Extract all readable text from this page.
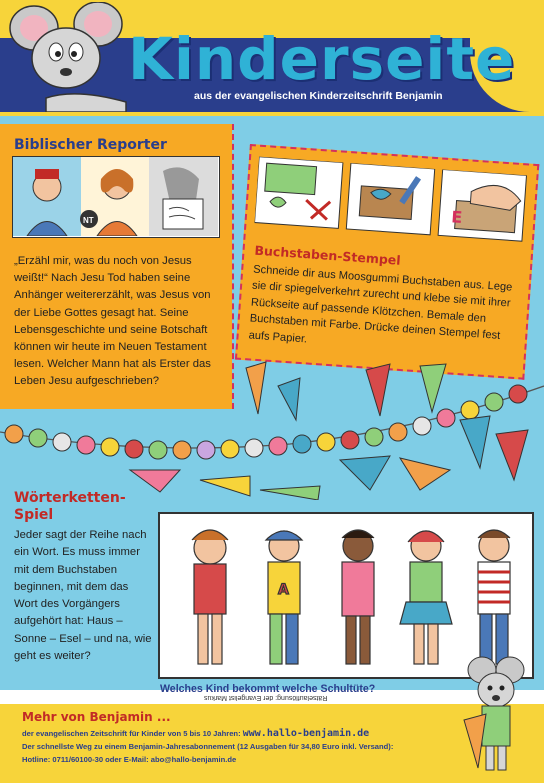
Kinderseite
aus der evangelischen Kinderzeitschrift Benjamin
Biblischer Reporter
NT
„Erzähl mir, was du noch von Jesus weißt!“ Nach Jesu Tod haben seine Anhänger weitererzählt, was Jesus von der Liebe Gottes gesagt hat. Seine Lebensgeschichte und seine Botschaft können wir heute im Neuen Testament lesen. Welcher Mann hat als Erster das Leben Jesu aufgeschrieben?
E
Buchstaben-Stempel
Schneide dir aus Moosgummi Buchstaben aus. Lege sie dir spiegelverkehrt zurecht und klebe sie mit ihrer Rückseite auf passende Klötzchen. Bemale den Buchstaben mit Farbe. Drücke deinen Stempel fest aufs Papier.
Wörterketten-Spiel
Jeder sagt der Reihe nach ein Wort. Es muss immer mit dem Buchstaben beginnen, mit dem das Wort des Vorgängers aufgehört hat: Haus – Sonne – Esel – und na, wie geht es weiter?
A
Welches Kind bekommt welche Schultüte?
Rätselauflösung: der Evangelist Markus
Mehr von Benjamin ...
der evangelischen Zeitschrift für Kinder von 5 bis 10 Jahren: www.hallo-benjamin.de
Der schnellste Weg zu einem Benjamin-Jahresabonnement (12 Ausgaben für 34,80 Euro inkl. Versand):
Hotline: 0711/60100-30 oder E-Mail: abo@hallo-benjamin.de
